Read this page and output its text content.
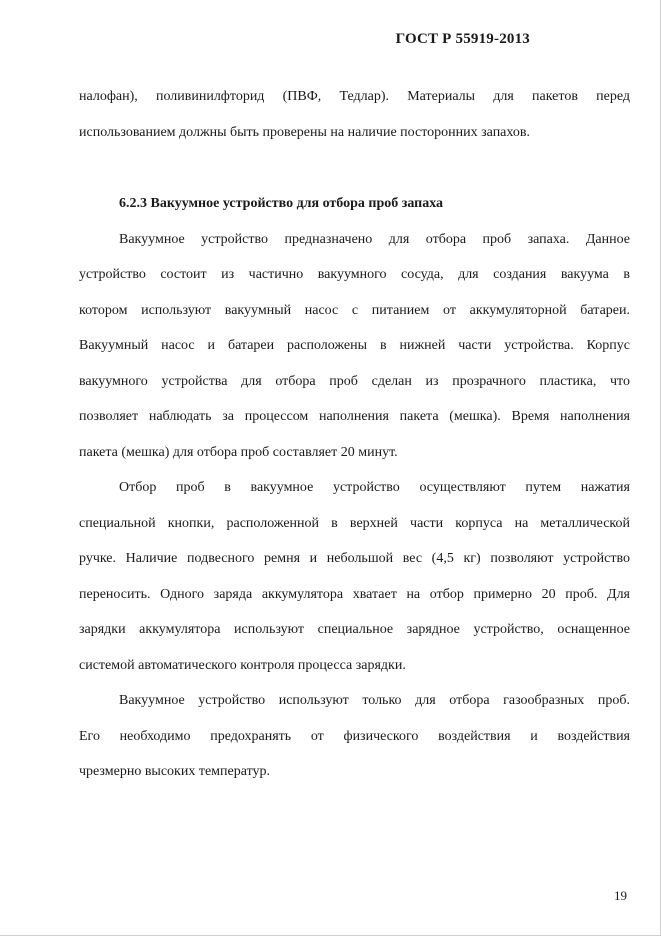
ГОСТ Р 55919-2013
налофан), поливинилфторид (ПВФ, Тедлар). Материалы для пакетов перед
использованием должны быть проверены на наличие посторонних запахов.
6.2.3 Вакуумное устройство для отбора проб запаха
Вакуумное устройство предназначено для отбора проб запаха. Данное
устройство состоит из частично вакуумного сосуда, для создания вакуума в
котором используют вакуумный насос с питанием от аккумуляторной батареи.
Вакуумный насос и батареи расположены в нижней части устройства. Корпус
вакуумного устройства для отбора проб сделан из прозрачного пластика, что
позволяет наблюдать за процессом наполнения пакета (мешка). Время наполнения
пакета (мешка) для отбора проб составляет 20 минут.
Отбор проб в вакуумное устройство осуществляют путем нажатия
специальной кнопки, расположенной в верхней части корпуса на металлической
ручке. Наличие подвесного ремня и небольшой вес (4,5 кг) позволяют устройство
переносить. Одного заряда аккумулятора хватает на отбор примерно 20 проб. Для
зарядки аккумулятора используют специальное зарядное устройство, оснащенное
системой автоматического контроля процесса зарядки.
Вакуумное устройство используют только для отбора газообразных проб.
Его необходимо предохранять от физического воздействия и воздействия
чрезмерно высоких температур.
19
